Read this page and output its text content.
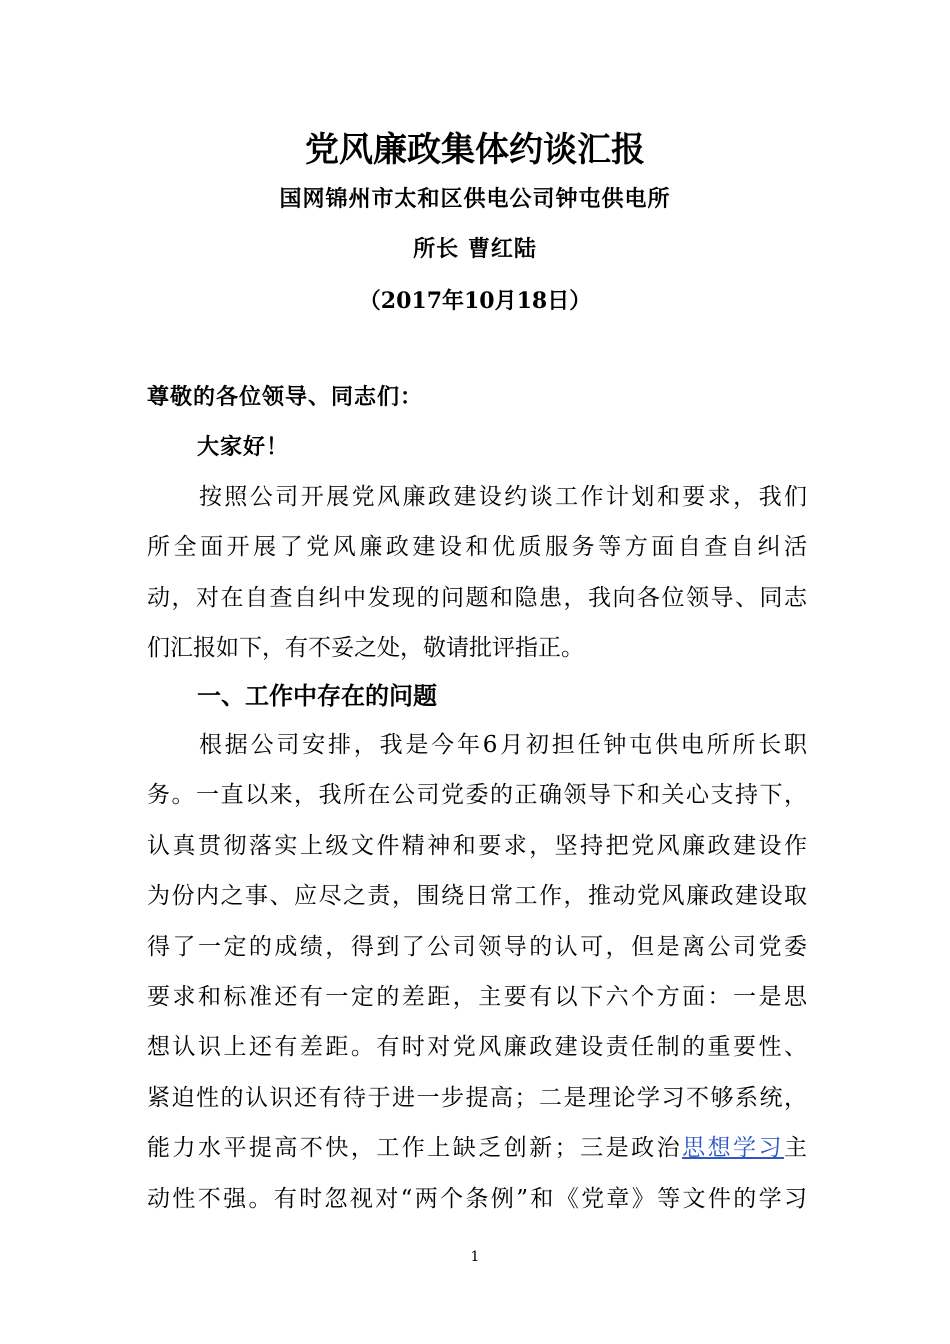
党风廉政集体约谈汇报
国网锦州市太和区供电公司钟屯供电所
所长 曹红陆
（2017年10月18日）
尊敬的各位领导、同志们：
大家好！
按照公司开展党风廉政建设约谈工作计划和要求，我们
所全面开展了党风廉政建设和优质服务等方面自查自纠活
动，对在自查自纠中发现的问题和隐患，我向各位领导、同志
们汇报如下，有不妥之处，敬请批评指正。
一、工作中存在的问题
根据公司安排，我是今年6月初担任钟屯供电所所长职
务。一直以来，我所在公司党委的正确领导下和关心支持下，
认真贯彻落实上级文件精神和要求，坚持把党风廉政建设作
为份内之事、应尽之责，围绕日常工作，推动党风廉政建设取
得了一定的成绩，得到了公司领导的认可，但是离公司党委
要求和标准还有一定的差距，主要有以下六个方面：一是思
想认识上还有差距。有时对党风廉政建设责任制的重要性、
紧迫性的认识还有待于进一步提高；二是理论学习不够系统，
能力水平提高不快，工作上缺乏创新；三是政治思想学习主
动性不强。有时忽视对“两个条例”和《党章》等文件的学习
1
